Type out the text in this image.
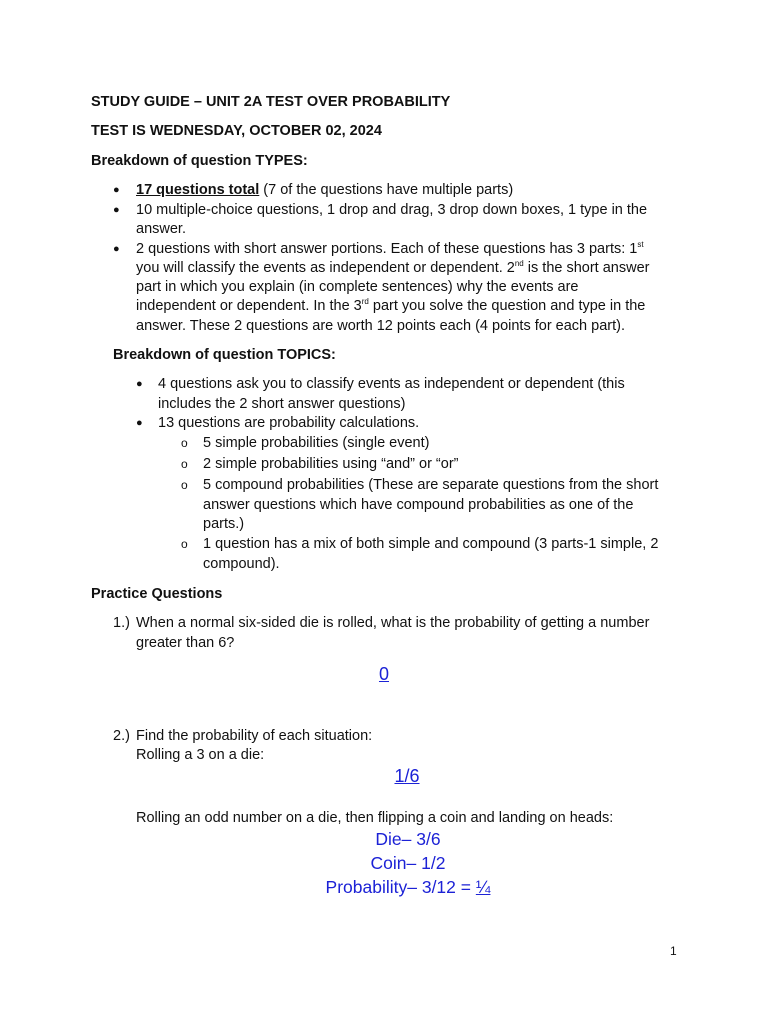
STUDY GUIDE – UNIT 2A TEST OVER PROBABILITY
TEST IS WEDNESDAY, OCTOBER 02, 2024
Breakdown of question TYPES:
● 17 questions total (7 of the questions have multiple parts)
● 10 multiple-choice questions, 1 drop and drag, 3 drop down boxes, 1 type in the
answer.
● 2 questions with short answer portions. Each of these questions has 3 parts: 1st
you will classify the events as independent or dependent. 2nd is the short answer
part in which you explain (in complete sentences) why the events are
independent or dependent. In the 3rd part you solve the question and type in the
answer. These 2 questions are worth 12 points each (4 points for each part).
Breakdown of question TOPICS:
● 4 questions ask you to classify events as independent or dependent (this
includes the 2 short answer questions)
● 13 questions are probability calculations.
o 5 simple probabilities (single event)
o 2 simple probabilities using “and” or “or”
o 5 compound probabilities (These are separate questions from the short
answer questions which have compound probabilities as one of the
parts.)
o 1 question has a mix of both simple and compound (3 parts-1 simple, 2
compound).
Practice Questions
1.) When a normal six-sided die is rolled, what is the probability of getting a number
greater than 6?
0
2.) Find the probability of each situation:
Rolling a 3 on a die:
1/6
Rolling an odd number on a die, then flipping a coin and landing on heads:
Die– 3/6
Coin– 1/2
Probability– 3/12 = ¼
1
